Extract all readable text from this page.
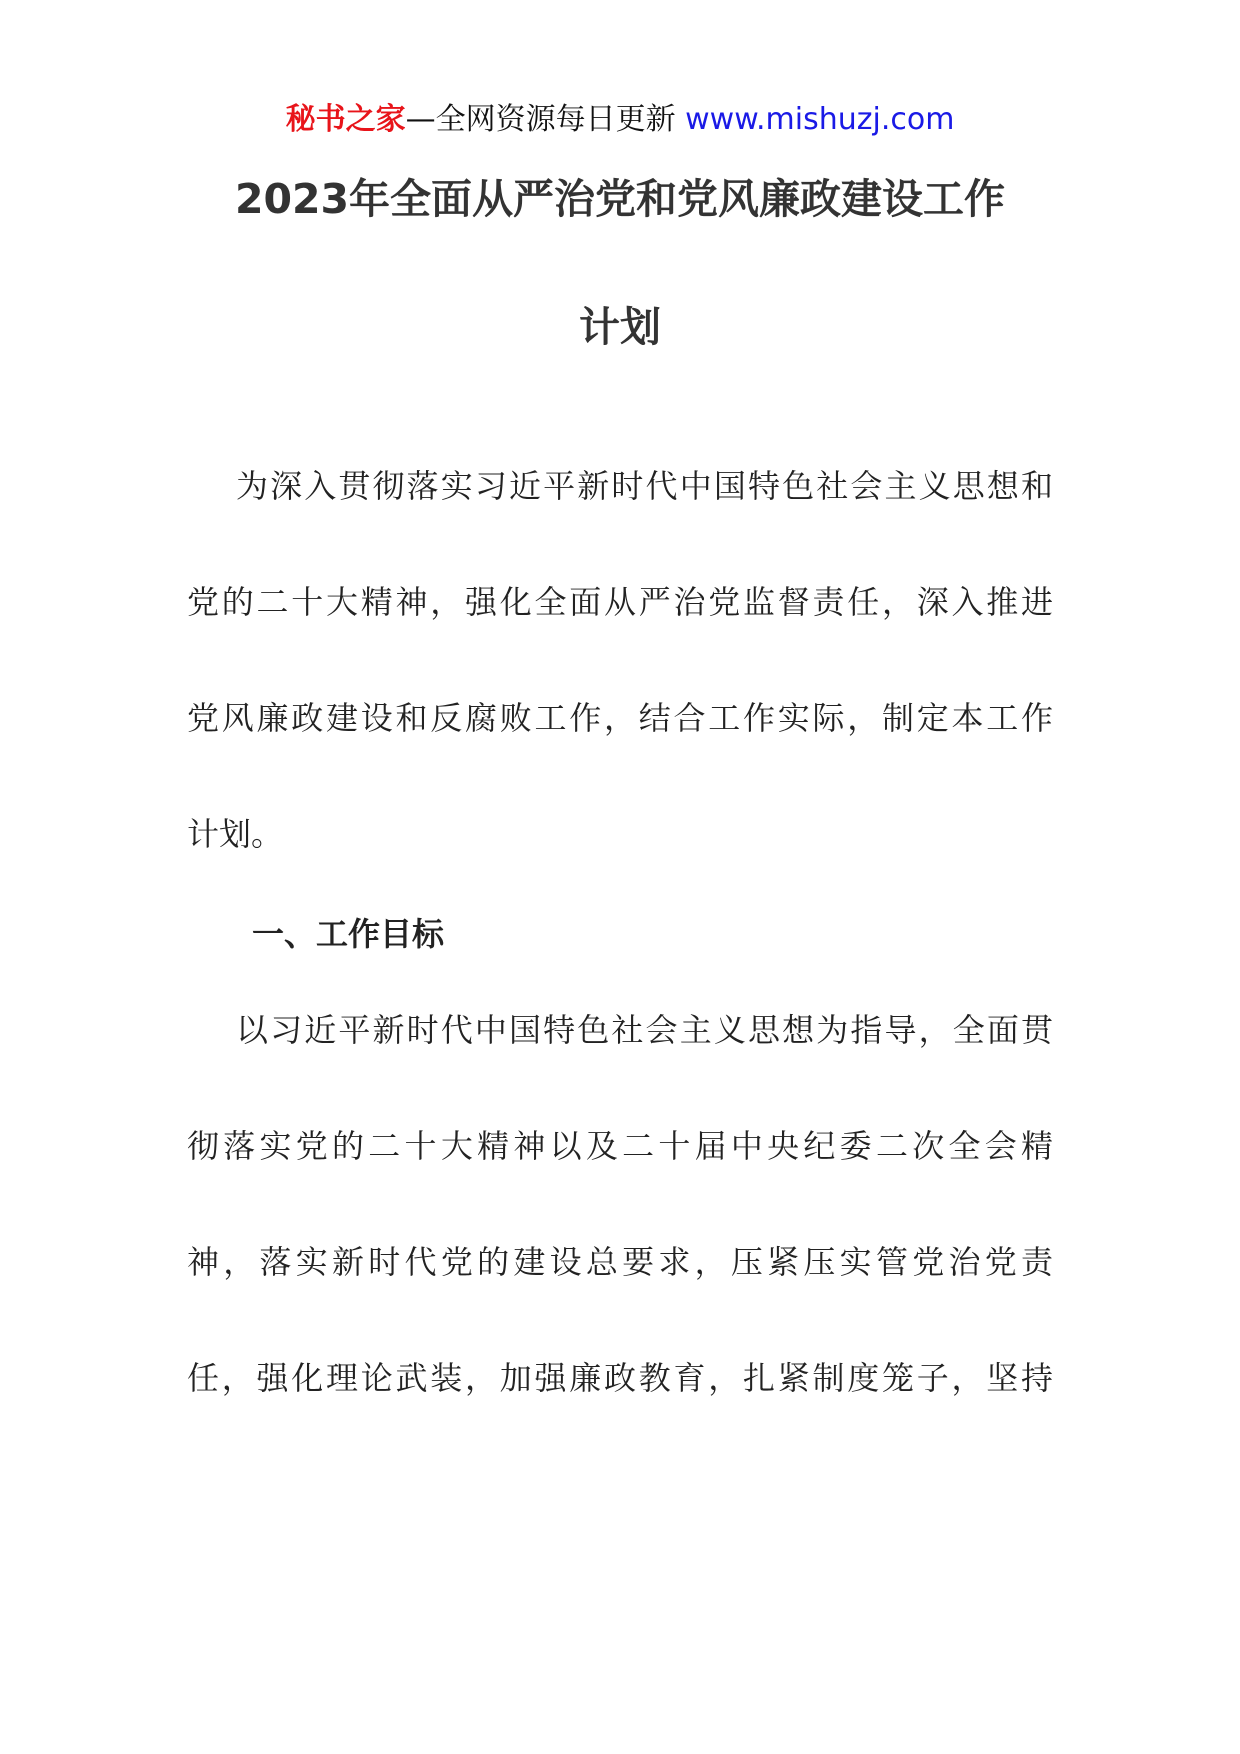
秘书之家—全网资源每日更新 www.mishuzj.com
2023年全面从严治党和党风廉政建设工作
计划
为深入贯彻落实习近平新时代中国特色社会主义思想和
党的二十大精神，强化全面从严治党监督责任，深入推进
党风廉政建设和反腐败工作，结合工作实际，制定本工作
计划。
一、工作目标
以习近平新时代中国特色社会主义思想为指导，全面贯
彻落实党的二十大精神以及二十届中央纪委二次全会精
神，落实新时代党的建设总要求，压紧压实管党治党责
任，强化理论武装，加强廉政教育，扎紧制度笼子，坚持
